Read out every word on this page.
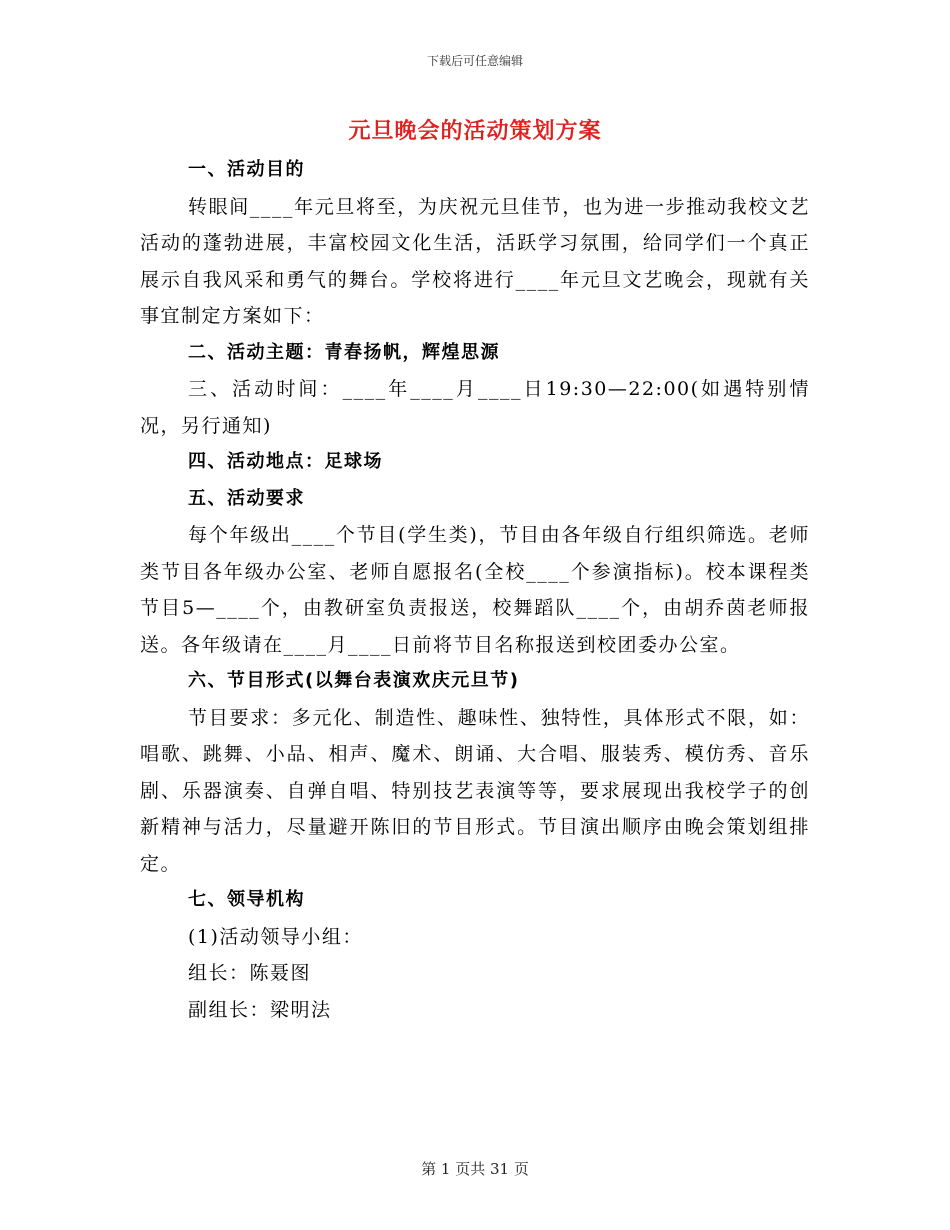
下载后可任意编辑
元旦晚会的活动策划方案
一、活动目的
转眼间____年元旦将至，为庆祝元旦佳节，也为进一步推动我校文艺活动的蓬勃进展，丰富校园文化生活，活跃学习氛围，给同学们一个真正展示自我风采和勇气的舞台。学校将进行____年元旦文艺晚会，现就有关事宜制定方案如下：
二、活动主题：青春扬帆，辉煌思源
三、活动时间：____年____月____日19:30—22:00(如遇特别情况，另行通知)
四、活动地点：足球场
五、活动要求
每个年级出____个节目(学生类)，节目由各年级自行组织筛选。老师类节目各年级办公室、老师自愿报名(全校____个参演指标)。校本课程类节目5—____个，由教研室负责报送，校舞蹈队____个，由胡乔茵老师报送。各年级请在____月____日前将节目名称报送到校团委办公室。
六、节目形式(以舞台表演欢庆元旦节)
节目要求：多元化、制造性、趣味性、独特性，具体形式不限，如：唱歌、跳舞、小品、相声、魔术、朗诵、大合唱、服装秀、模仿秀、音乐剧、乐器演奏、自弹自唱、特别技艺表演等等，要求展现出我校学子的创新精神与活力，尽量避开陈旧的节目形式。节目演出顺序由晚会策划组排定。
七、领导机构
(1)活动领导小组：
组长：陈聂图
副组长：梁明法
第 1 页共 31 页
